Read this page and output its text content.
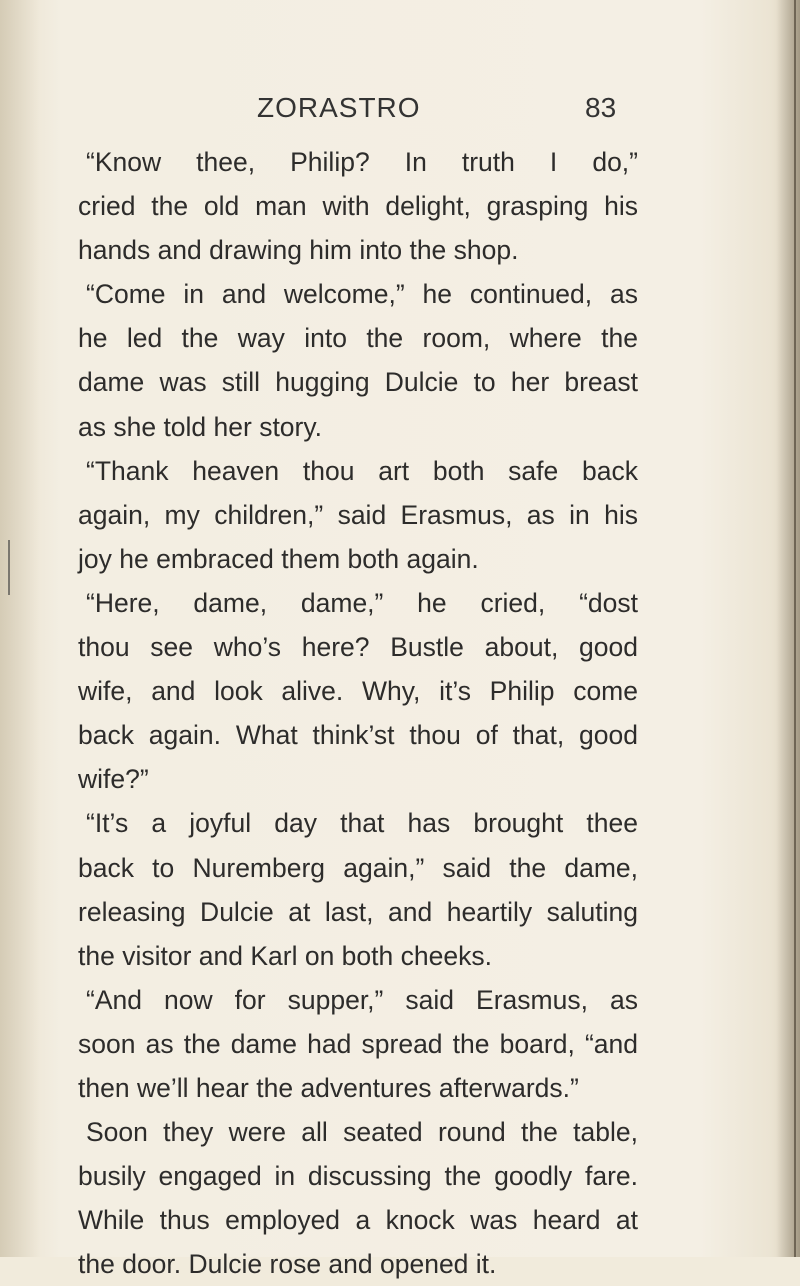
ZORASTRO	83
“Know thee, Philip? In truth I do,”
cried the old man with delight, grasping his
hands and drawing him into the shop.
“Come in and welcome,” he continued, as
he led the way into the room, where the
dame was still hugging Dulcie to her breast
as she told her story.
“Thank heaven thou art both safe back
again, my children,” said Erasmus, as in his
joy he embraced them both again.
“Here, dame, dame,” he cried, “dost
thou see who’s here? Bustle about, good
wife, and look alive. Why, it’s Philip come
back again. What think’st thou of that, good
wife?”
“It’s a joyful day that has brought thee
back to Nuremberg again,” said the dame,
releasing Dulcie at last, and heartily saluting
the visitor and Karl on both cheeks.
“And now for supper,” said Erasmus, as
soon as the dame had spread the board, “and
then we’ll hear the adventures afterwards.”
Soon they were all seated round the table,
busily engaged in discussing the goodly fare.
While thus employed a knock was heard at
the door. Dulcie rose and opened it.
